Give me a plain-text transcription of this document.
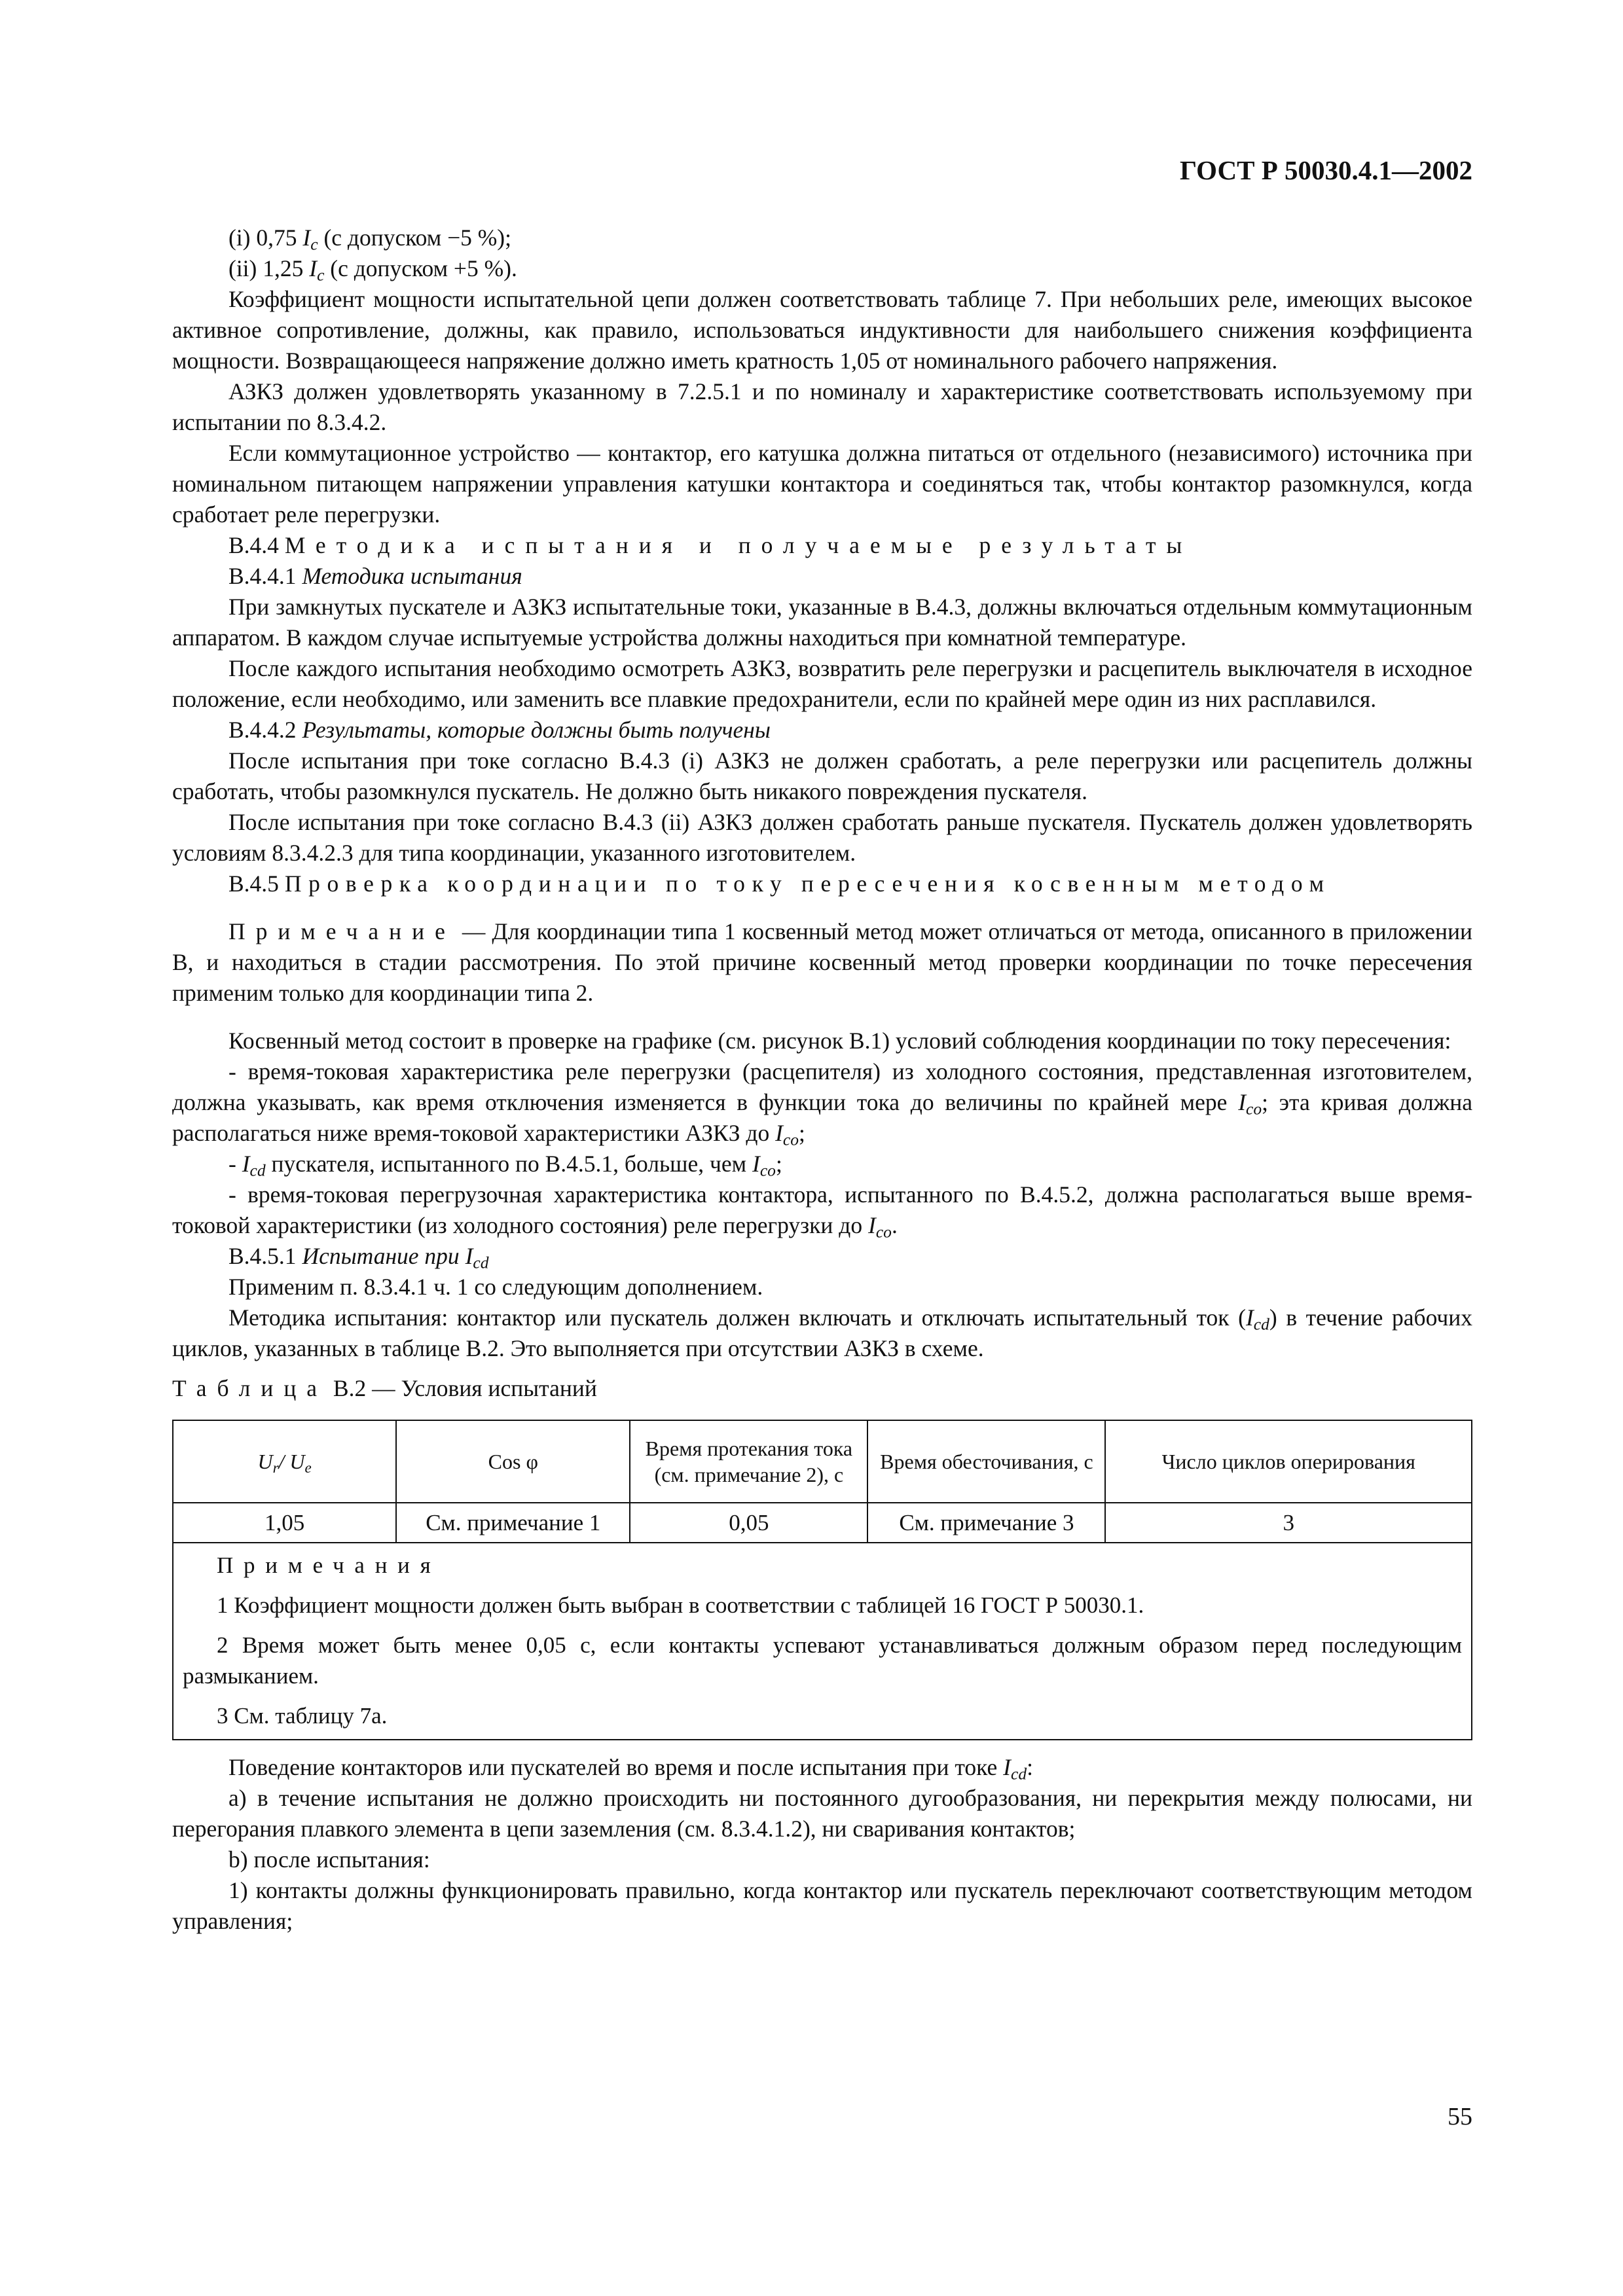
ГОСТ Р 50030.4.1—2002

(i) 0,75 $I_c$ (с допуском −5 %);

(ii) 1,25 $I_c$ (с допуском +5 %).

Коэффициент мощности испытательной цепи должен соответствовать таблице 7. При небольших реле, имеющих высокое активное сопротивление, должны, как правило, использоваться индуктивности для наибольшего снижения коэффициента мощности. Возвращающееся напряжение должно иметь кратность 1,05 от номинального рабочего напряжения.

АЗКЗ должен удовлетворять указанному в 7.2.5.1 и по номиналу и характеристике соответствовать используемому при испытании по 8.3.4.2.

Если коммутационное устройство — контактор, его катушка должна питаться от отдельного (независимого) источника при номинальном питающем напряжении управления катушки контактора и соединяться так, чтобы контактор разомкнулся, когда сработает реле перегрузки.

В.4.4 Методика испытания и получаемые результаты

В.4.4.1 Методика испытания

При замкнутых пускателе и АЗКЗ испытательные токи, указанные в В.4.3, должны включаться отдельным коммутационным аппаратом. В каждом случае испытуемые устройства должны находиться при комнатной температуре.

После каждого испытания необходимо осмотреть АЗКЗ, возвратить реле перегрузки и расцепитель выключателя в исходное положение, если необходимо, или заменить все плавкие предохранители, если по крайней мере один из них расплавился.

В.4.4.2 Результаты, которые должны быть получены

После испытания при токе согласно В.4.3 (i) АЗКЗ не должен сработать, а реле перегрузки или расцепитель должны сработать, чтобы разомкнулся пускатель. Не должно быть никакого повреждения пускателя.

После испытания при токе согласно В.4.3 (ii) АЗКЗ должен сработать раньше пускателя. Пускатель должен удовлетворять условиям 8.3.4.2.3 для типа координации, указанного изготовителем.

В.4.5 Проверка координации по току пересечения косвенным методом

Примечание — Для координации типа 1 косвенный метод может отличаться от метода, описанного в приложении В, и находиться в стадии рассмотрения. По этой причине косвенный метод проверки координации по точке пересечения применим только для координации типа 2.

Косвенный метод состоит в проверке на графике (см. рисунок В.1) условий соблюдения координации по току пересечения:

- время-токовая характеристика реле перегрузки (расцепителя) из холодного состояния, представленная изготовителем, должна указывать, как время отключения изменяется в функции тока до величины по крайней мере $I_{co}$; эта кривая должна располагаться ниже время-токовой характеристики АЗКЗ до $I_{co}$;

- $I_{cd}$ пускателя, испытанного по В.4.5.1, больше, чем $I_{co}$;

- время-токовая перегрузочная характеристика контактора, испытанного по В.4.5.2, должна располагаться выше время-токовой характеристики (из холодного состояния) реле перегрузки до $I_{co}$.

В.4.5.1 Испытание при $I_{cd}$

Применим п. 8.3.4.1 ч. 1 со следующим дополнением.

Методика испытания: контактор или пускатель должен включать и отключать испытательный ток $(I_{cd})$ в течение рабочих циклов, указанных в таблице В.2. Это выполняется при отсутствии АЗКЗ в схеме.

Таблица В.2 — Условия испытаний

$U_r/$ $U_e$	Cos φ	Время протекания тока (см. примечание 2), с	Время обесточивания, с	Число циклов оперирования
1,05	См. примечание 1	0,05	См. примечание 3	3

Примечания

1 Коэффициент мощности должен быть выбран в соответствии с таблицей 16 ГОСТ Р 50030.1.

2 Время может быть менее 0,05 с, если контакты успевают устанавливаться должным образом перед последующим размыканием.

3 См. таблицу 7а.				

Поведение контакторов или пускателей во время и после испытания при токе $I_{cd}$:

a) в течение испытания не должно происходить ни постоянного дугообразования, ни перекрытия между полюсами, ни перегорания плавкого элемента в цепи заземления (см. 8.3.4.1.2), ни сваривания контактов;

b) после испытания:

1) контакты должны функционировать правильно, когда контактор или пускатель переключают соответствующим методом управления;

55
